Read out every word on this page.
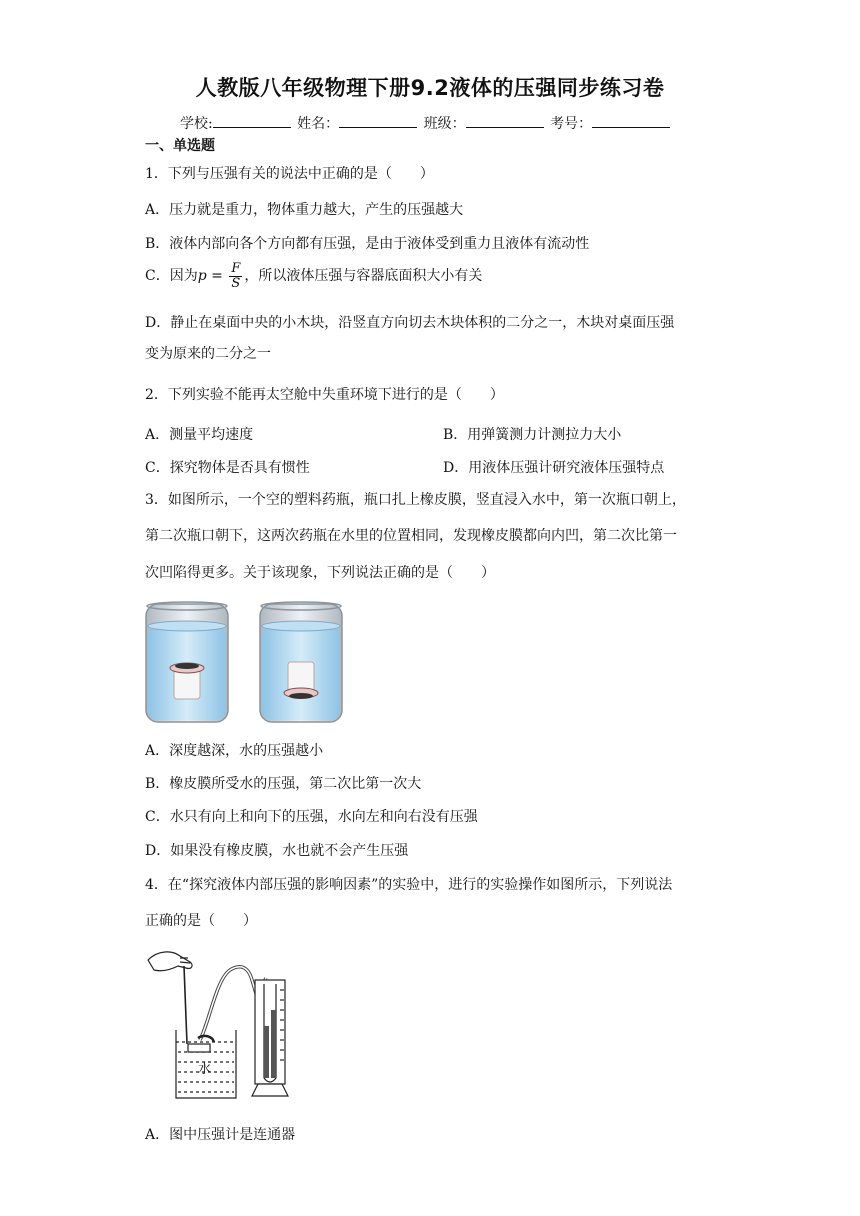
人教版八年级物理下册9.2液体的压强同步练习卷
学校:	姓名：	班级：	考号：
一、单选题
1．下列与压强有关的说法中正确的是（　　）
A．压力就是重力，物体重力越大，产生的压强越大
B．液体内部向各个方向都有压强，是由于液体受到重力且液体有流动性
C．因为$p = \frac{F}{S}$ ，所以液体压强与容器底面积大小有关
D．静止在桌面中央的小木块，沿竖直方向切去木块体积的二分之一，木块对桌面压强
变为原来的二分之一
2．下列实验不能再太空舱中失重环境下进行的是（　　）
A．测量平均速度	B．用弹簧测力计测拉力大小
C．探究物体是否具有惯性	D．用液体压强计研究液体压强特点
3．如图所示，一个空的塑料药瓶，瓶口扎上橡皮膜，竖直浸入水中，第一次瓶口朝上，
第二次瓶口朝下，这两次药瓶在水里的位置相同，发现橡皮膜都向内凹，第二次比第一
次凹陷得更多。关于该现象，下列说法正确的是（　　）
A．深度越深，水的压强越小
B．橡皮膜所受水的压强，第二次比第一次大
C．水只有向上和向下的压强，水向左和向右没有压强
D．如果没有橡皮膜，水也就不会产生压强
4．在“探究液体内部压强的影响因素”的实验中，进行的实验操作如图所示，下列说法
正确的是（　　）
水
A．图中压强计是连通器
